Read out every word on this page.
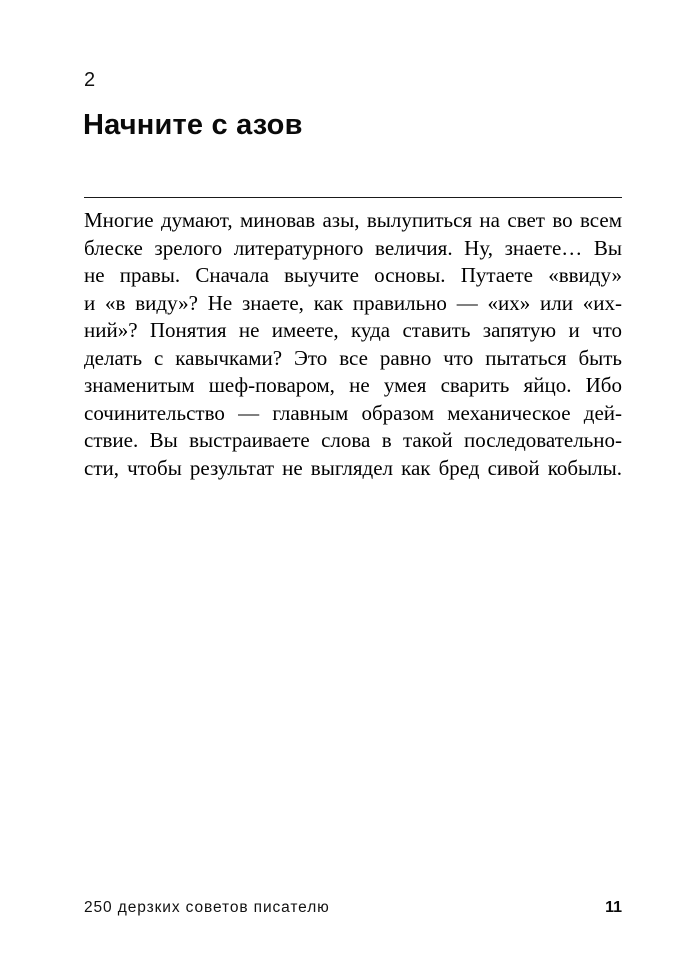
2
Начните с азов
Многие думают, миновав азы, вылупиться на свет во всем
блеске зрелого литературного величия. Ну, знаете… Вы
не правы. Сначала выучите основы. Путаете «ввиду»
и «в виду»? Не знаете, как правильно — «их» или «их-
ний»? Понятия не имеете, куда ставить запятую и что
делать с кавычками? Это все равно что пытаться быть
знаменитым шеф-поваром, не умея сварить яйцо. Ибо
сочинительство — главным образом механическое дей-
ствие. Вы выстраиваете слова в такой последовательно-
сти, чтобы результат не выглядел как бред сивой кобылы.
250 дерзких советов писателю	11
